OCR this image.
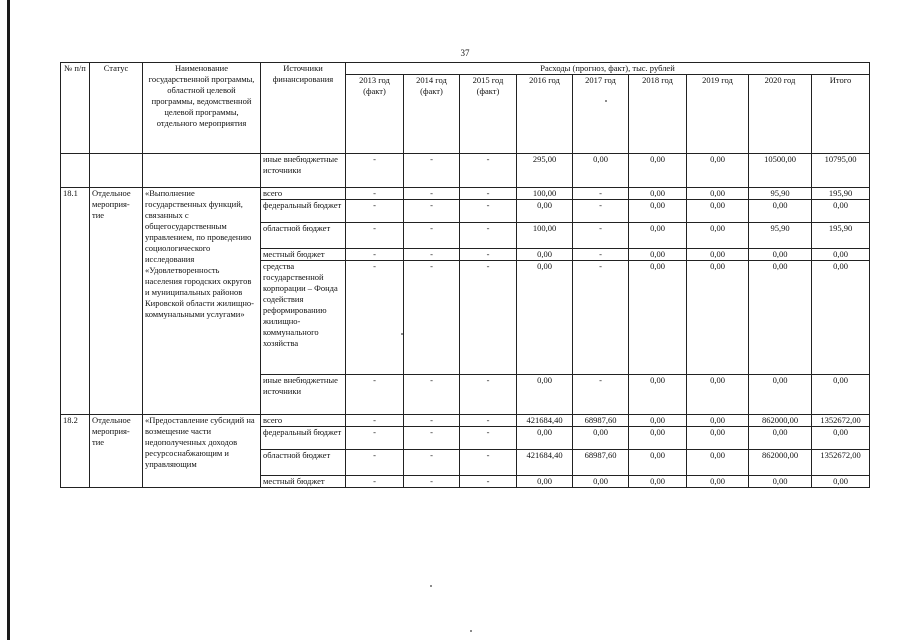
37
№ п/п	Статус	Наименование государственной программы, областной целевой программы, ведомственной целевой программы, отдельного мероприятия	Источники финансирования	Расходы (прогноз, факт), тыс. рублей								
				2013 год (факт)	2014 год (факт)	2015 год (факт)	2016 год	2017 год	2018 год	2019 год	2020 год	Итого
			иные внебюджетные источники	-	-	-	295,00	0,00	0,00	0,00	10500,00	10795,00
18.1	Отдельное мероприя-тие	«Выполнение государственных функций, связанных с общегосударственным управлением, по проведению социологического исследования «Удовлетворенность населения городских округов и муниципальных районов Кировской области жилищно-коммунальными услугами»	всего	-	-	-	100,00	-	0,00	0,00	95,90	195,90
			федеральный бюджет	-	-	-	0,00	-	0,00	0,00	0,00	0,00
			областной бюджет	-	-	-	100,00	-	0,00	0,00	95,90	195,90
			местный бюджет	-	-	-	0,00	-	0,00	0,00	0,00	0,00
			средства государственной корпорации – Фонда содействия реформированию жилищно-коммунального хозяйства	-	-	-	0,00	-	0,00	0,00	0,00	0,00
			иные внебюджетные источники	-	-	-	0,00	-	0,00	0,00	0,00	0,00
18.2	Отдельное мероприя-тие	«Предоставление субсидий на возмещение части недополученных доходов ресурсоснабжающим и управляющим	всего	-	-	-	421684,40	68987,60	0,00	0,00	862000,00	1352672,00
			федеральный бюджет	-	-	-	0,00	0,00	0,00	0,00	0,00	0,00
			областной бюджет	-	-	-	421684,40	68987,60	0,00	0,00	862000,00	1352672,00
			местный бюджет	-	-	-	0,00	0,00	0,00	0,00	0,00	0,00
